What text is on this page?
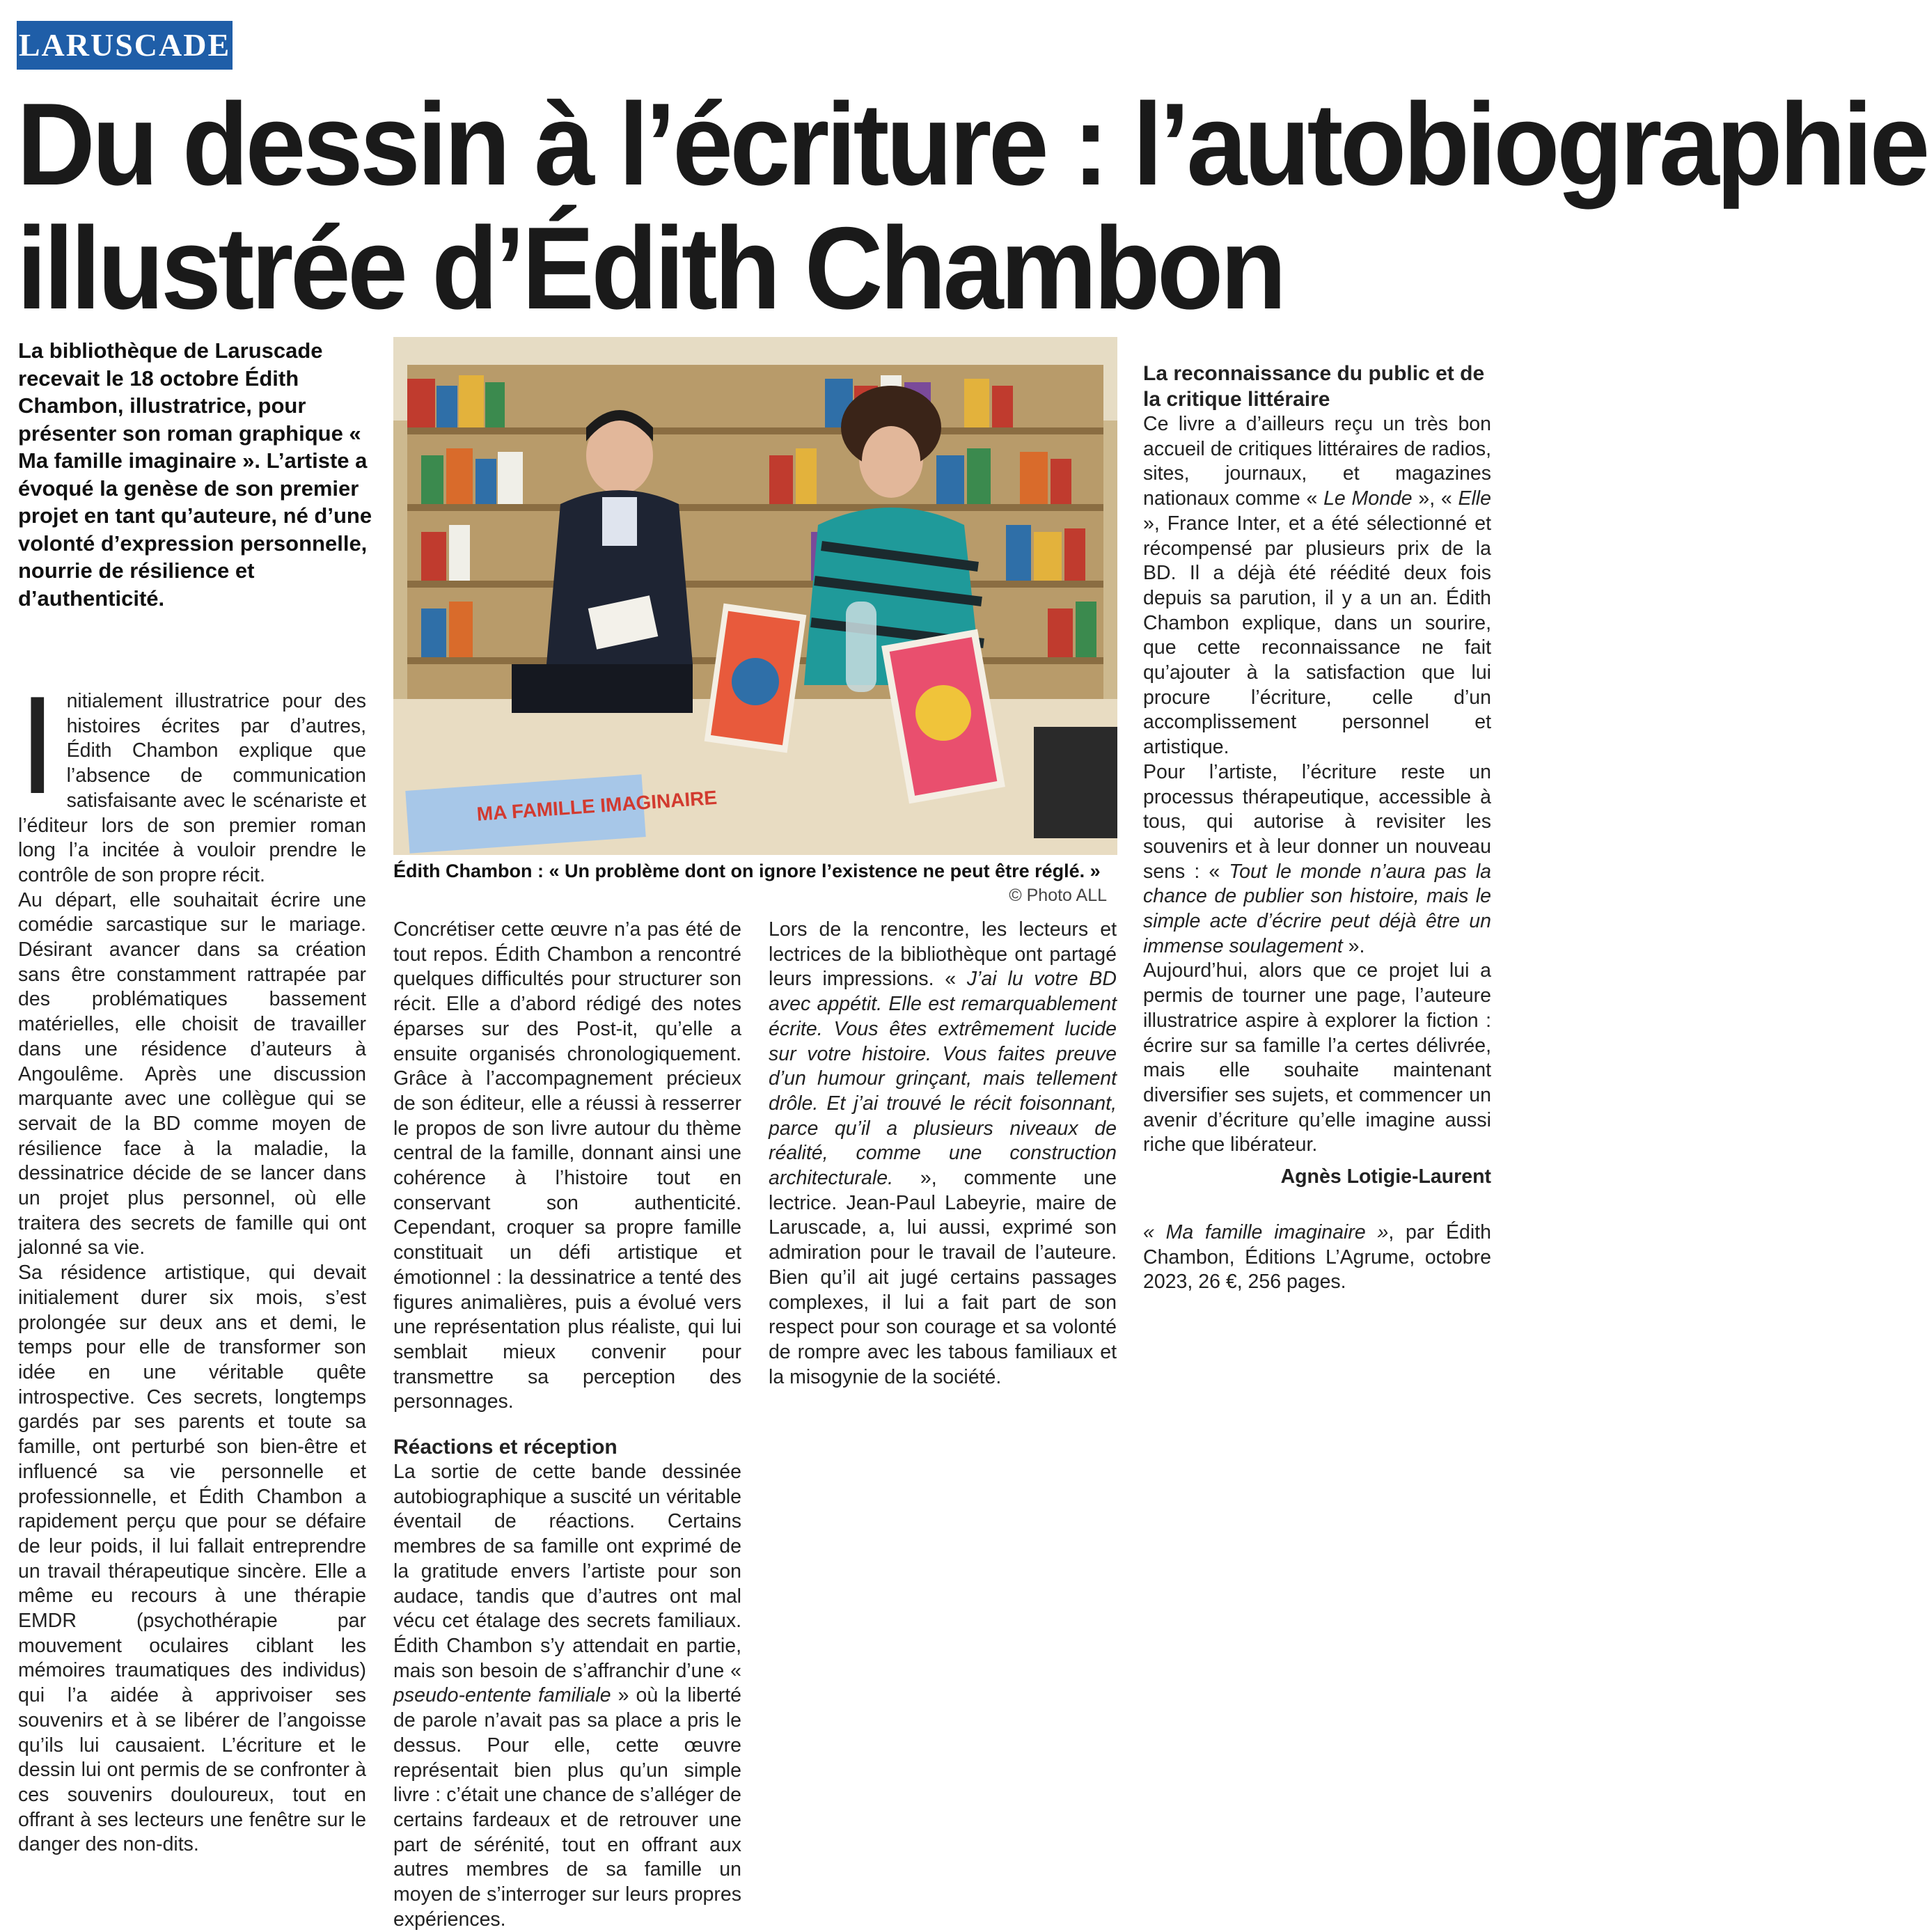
LARUSCADE
Du dessin à l’écriture : l’autobiographie
illustrée d’Édith Chambon

La bibliothèque de Laruscade recevait le 18 octobre Édith Chambon, illustratrice, pour présenter son roman graphique « Ma famille imaginaire ». L’artiste a évoqué la genèse de son premier projet en tant qu’auteure, né d’une volonté d’expression personnelle, nourrie de résilience et d’authenticité.

MA FAMILLE IMAGINAIRE
Édith Chambon : « Un problème dont on ignore l’existence ne peut être réglé. »
© Photo ALL

Initialement illustratrice pour des histoires écrites par d’autres, Édith Chambon explique que l’absence de communication satisfaisante avec le scénariste et l’éditeur lors de son premier roman long l’a incitée à vouloir prendre le contrôle de son propre récit.

Au départ, elle souhaitait écrire une comédie sarcastique sur le mariage. Désirant avancer dans sa création sans être constamment rattrapée par des problématiques bassement matérielles, elle choisit de travailler dans une résidence d’auteurs à Angoulême. Après une discussion marquante avec une collègue qui se servait de la BD comme moyen de résilience face à la maladie, la dessinatrice décide de se lancer dans un projet plus personnel, où elle traitera des secrets de famille qui ont jalonné sa vie.

Sa résidence artistique, qui devait initialement durer six mois, s’est prolongée sur deux ans et demi, le temps pour elle de transformer son idée en une véritable quête introspective. Ces secrets, longtemps gardés par ses parents et toute sa famille, ont perturbé son bien-être et influencé sa vie personnelle et professionnelle, et Édith Chambon a rapidement perçu que pour se défaire de leur poids, il lui fallait entreprendre un travail thérapeutique sincère. Elle a même eu recours à une thérapie EMDR (psychothérapie par mouvement oculaires ciblant les mémoires traumatiques des individus) qui l’a aidée à apprivoiser ses souvenirs et à se libérer de l’angoisse qu’ils lui causaient. L’écriture et le dessin lui ont permis de se confronter à ces souvenirs douloureux, tout en offrant à ses lecteurs une fenêtre sur le danger des non-dits.

Concrétiser cette œuvre n’a pas été de tout repos. Édith Chambon a rencontré quelques difficultés pour structurer son récit. Elle a d’abord rédigé des notes éparses sur des Post-it, qu’elle a ensuite organisés chronologiquement. Grâce à l’accompagnement précieux de son éditeur, elle a réussi à resserrer le propos de son livre autour du thème central de la famille, donnant ainsi une cohérence à l’histoire tout en conservant son authenticité. Cependant, croquer sa propre famille constituait un défi artistique et émotionnel : la dessinatrice a tenté des figures animalières, puis a évolué vers une représentation plus réaliste, qui lui semblait mieux convenir pour transmettre sa perception des personnages.

Réactions et réception

La sortie de cette bande dessinée autobiographique a suscité un véritable éventail de réactions. Certains membres de sa famille ont exprimé de la gratitude envers l’artiste pour son audace, tandis que d’autres ont mal vécu cet étalage des secrets familiaux. Édith Chambon s’y attendait en partie, mais son besoin de s’affranchir d’une « pseudo-entente familiale » où la liberté de parole n’avait pas sa place a pris le dessus. Pour elle, cette œuvre représentait bien plus qu’un simple livre : c’était une chance de s’alléger de certains fardeaux et de retrouver une part de sérénité, tout en offrant aux autres membres de sa famille un moyen de s’interroger sur leurs propres expériences.

Lors de la rencontre, les lecteurs et lectrices de la bibliothèque ont partagé leurs impressions. « J’ai lu votre BD avec appétit. Elle est remarquablement écrite. Vous êtes extrêmement lucide sur votre histoire. Vous faites preuve d’un humour grinçant, mais tellement drôle. Et j’ai trouvé le récit foisonnant, parce qu’il a plusieurs niveaux de réalité, comme une construction architecturale. », commente une lectrice. Jean-Paul Labeyrie, maire de Laruscade, a, lui aussi, exprimé son admiration pour le travail de l’auteure. Bien qu’il ait jugé certains passages complexes, il lui a fait part de son respect pour son courage et sa volonté de rompre avec les tabous familiaux et la misogynie de la société.

La reconnaissance du public et de la critique littéraire

Ce livre a d’ailleurs reçu un très bon accueil de critiques littéraires de radios, sites, journaux, et magazines nationaux comme « Le Monde », « Elle », France Inter, et a été sélectionné et récompensé par plusieurs prix de la BD. Il a déjà été réédité deux fois depuis sa parution, il y a un an. Édith Chambon explique, dans un sourire, que cette reconnaissance ne fait qu’ajouter à la satisfaction que lui procure l’écriture, celle d’un accomplissement personnel et artistique.

Pour l’artiste, l’écriture reste un processus thérapeutique, accessible à tous, qui autorise à revisiter les souvenirs et à leur donner un nouveau sens : « Tout le monde n’aura pas la chance de publier son histoire, mais le simple acte d’écrire peut déjà être un immense soulagement ».

Aujourd’hui, alors que ce projet lui a permis de tourner une page, l’auteure illustratrice aspire à explorer la fiction : écrire sur sa famille l’a certes délivrée, mais elle souhaite maintenant diversifier ses sujets, et commencer un avenir d’écriture qu’elle imagine aussi riche que libérateur.

Agnès Lotigie-Laurent

« Ma famille imaginaire », par Édith Chambon, Éditions L’Agrume, octobre 2023, 26 €, 256 pages.
